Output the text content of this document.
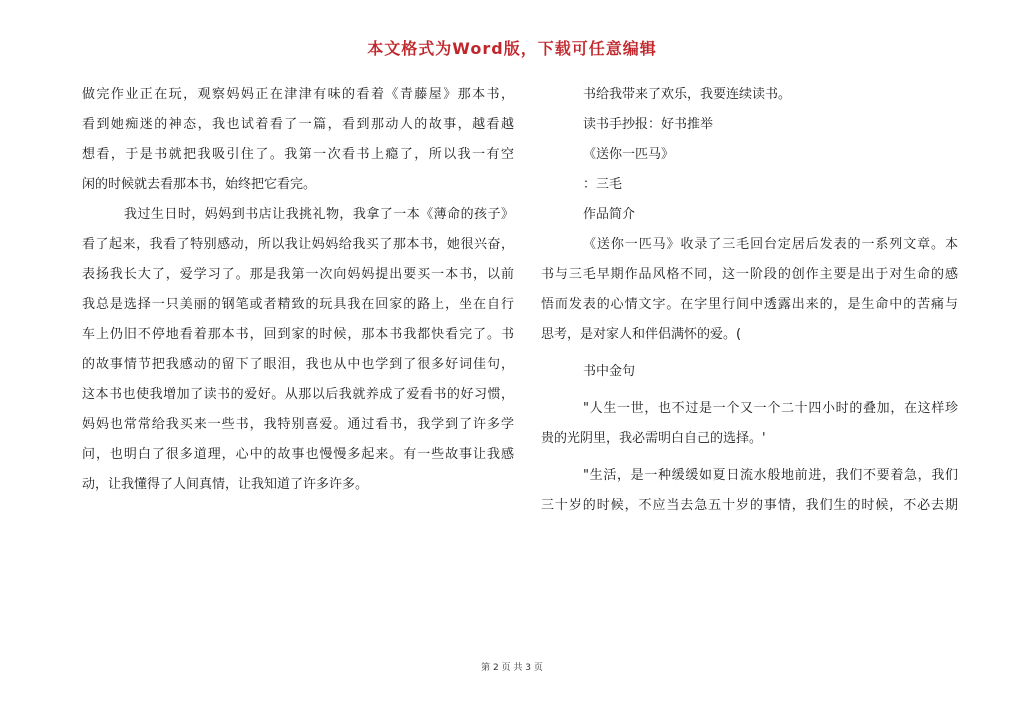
本文格式为Word版，下载可任意编辑
做完作业正在玩，观察妈妈正在津津有味的看着《青藤屋》那本书，
看到她痴迷的神态，我也试着看了一篇，看到那动人的故事，越看越
想看，于是书就把我吸引住了。我第一次看书上瘾了，所以我一有空
闲的时候就去看那本书，始终把它看完。
我过生日时，妈妈到书店让我挑礼物，我拿了一本《薄命的孩子》
看了起来，我看了特别感动，所以我让妈妈给我买了那本书，她很兴奋，
表扬我长大了，爱学习了。那是我第一次向妈妈提出要买一本书，以前
我总是选择一只美丽的钢笔或者精致的玩具我在回家的路上，坐在自行
车上仍旧不停地看着那本书，回到家的时候，那本书我都快看完了。书
的故事情节把我感动的留下了眼泪，我也从中也学到了很多好词佳句，
这本书也使我增加了读书的爱好。从那以后我就养成了爱看书的好习惯，
妈妈也常常给我买来一些书，我特别喜爱。通过看书，我学到了许多学
问，也明白了很多道理，心中的故事也慢慢多起来。有一些故事让我感
动，让我懂得了人间真情，让我知道了许多许多。
书给我带来了欢乐，我要连续读书。
读书手抄报：好书推举
《送你一匹马》
：三毛
作品简介
《送你一匹马》收录了三毛回台定居后发表的一系列文章。本
书与三毛早期作品风格不同，这一阶段的创作主要是出于对生命的感
悟而发表的心情文字。在字里行间中透露出来的，是生命中的苦痛与
思考，是对家人和伴侣满怀的爱。(
书中金句
"人生一世，也不过是一个又一个二十四小时的叠加，在这样珍
贵的光阴里，我必需明白自己的选择。'
"生活，是一种缓缓如夏日流水般地前进，我们不要着急，我们
三十岁的时候，不应当去急五十岁的事情，我们生的时候，不必去期
第 2 页 共 3 页
